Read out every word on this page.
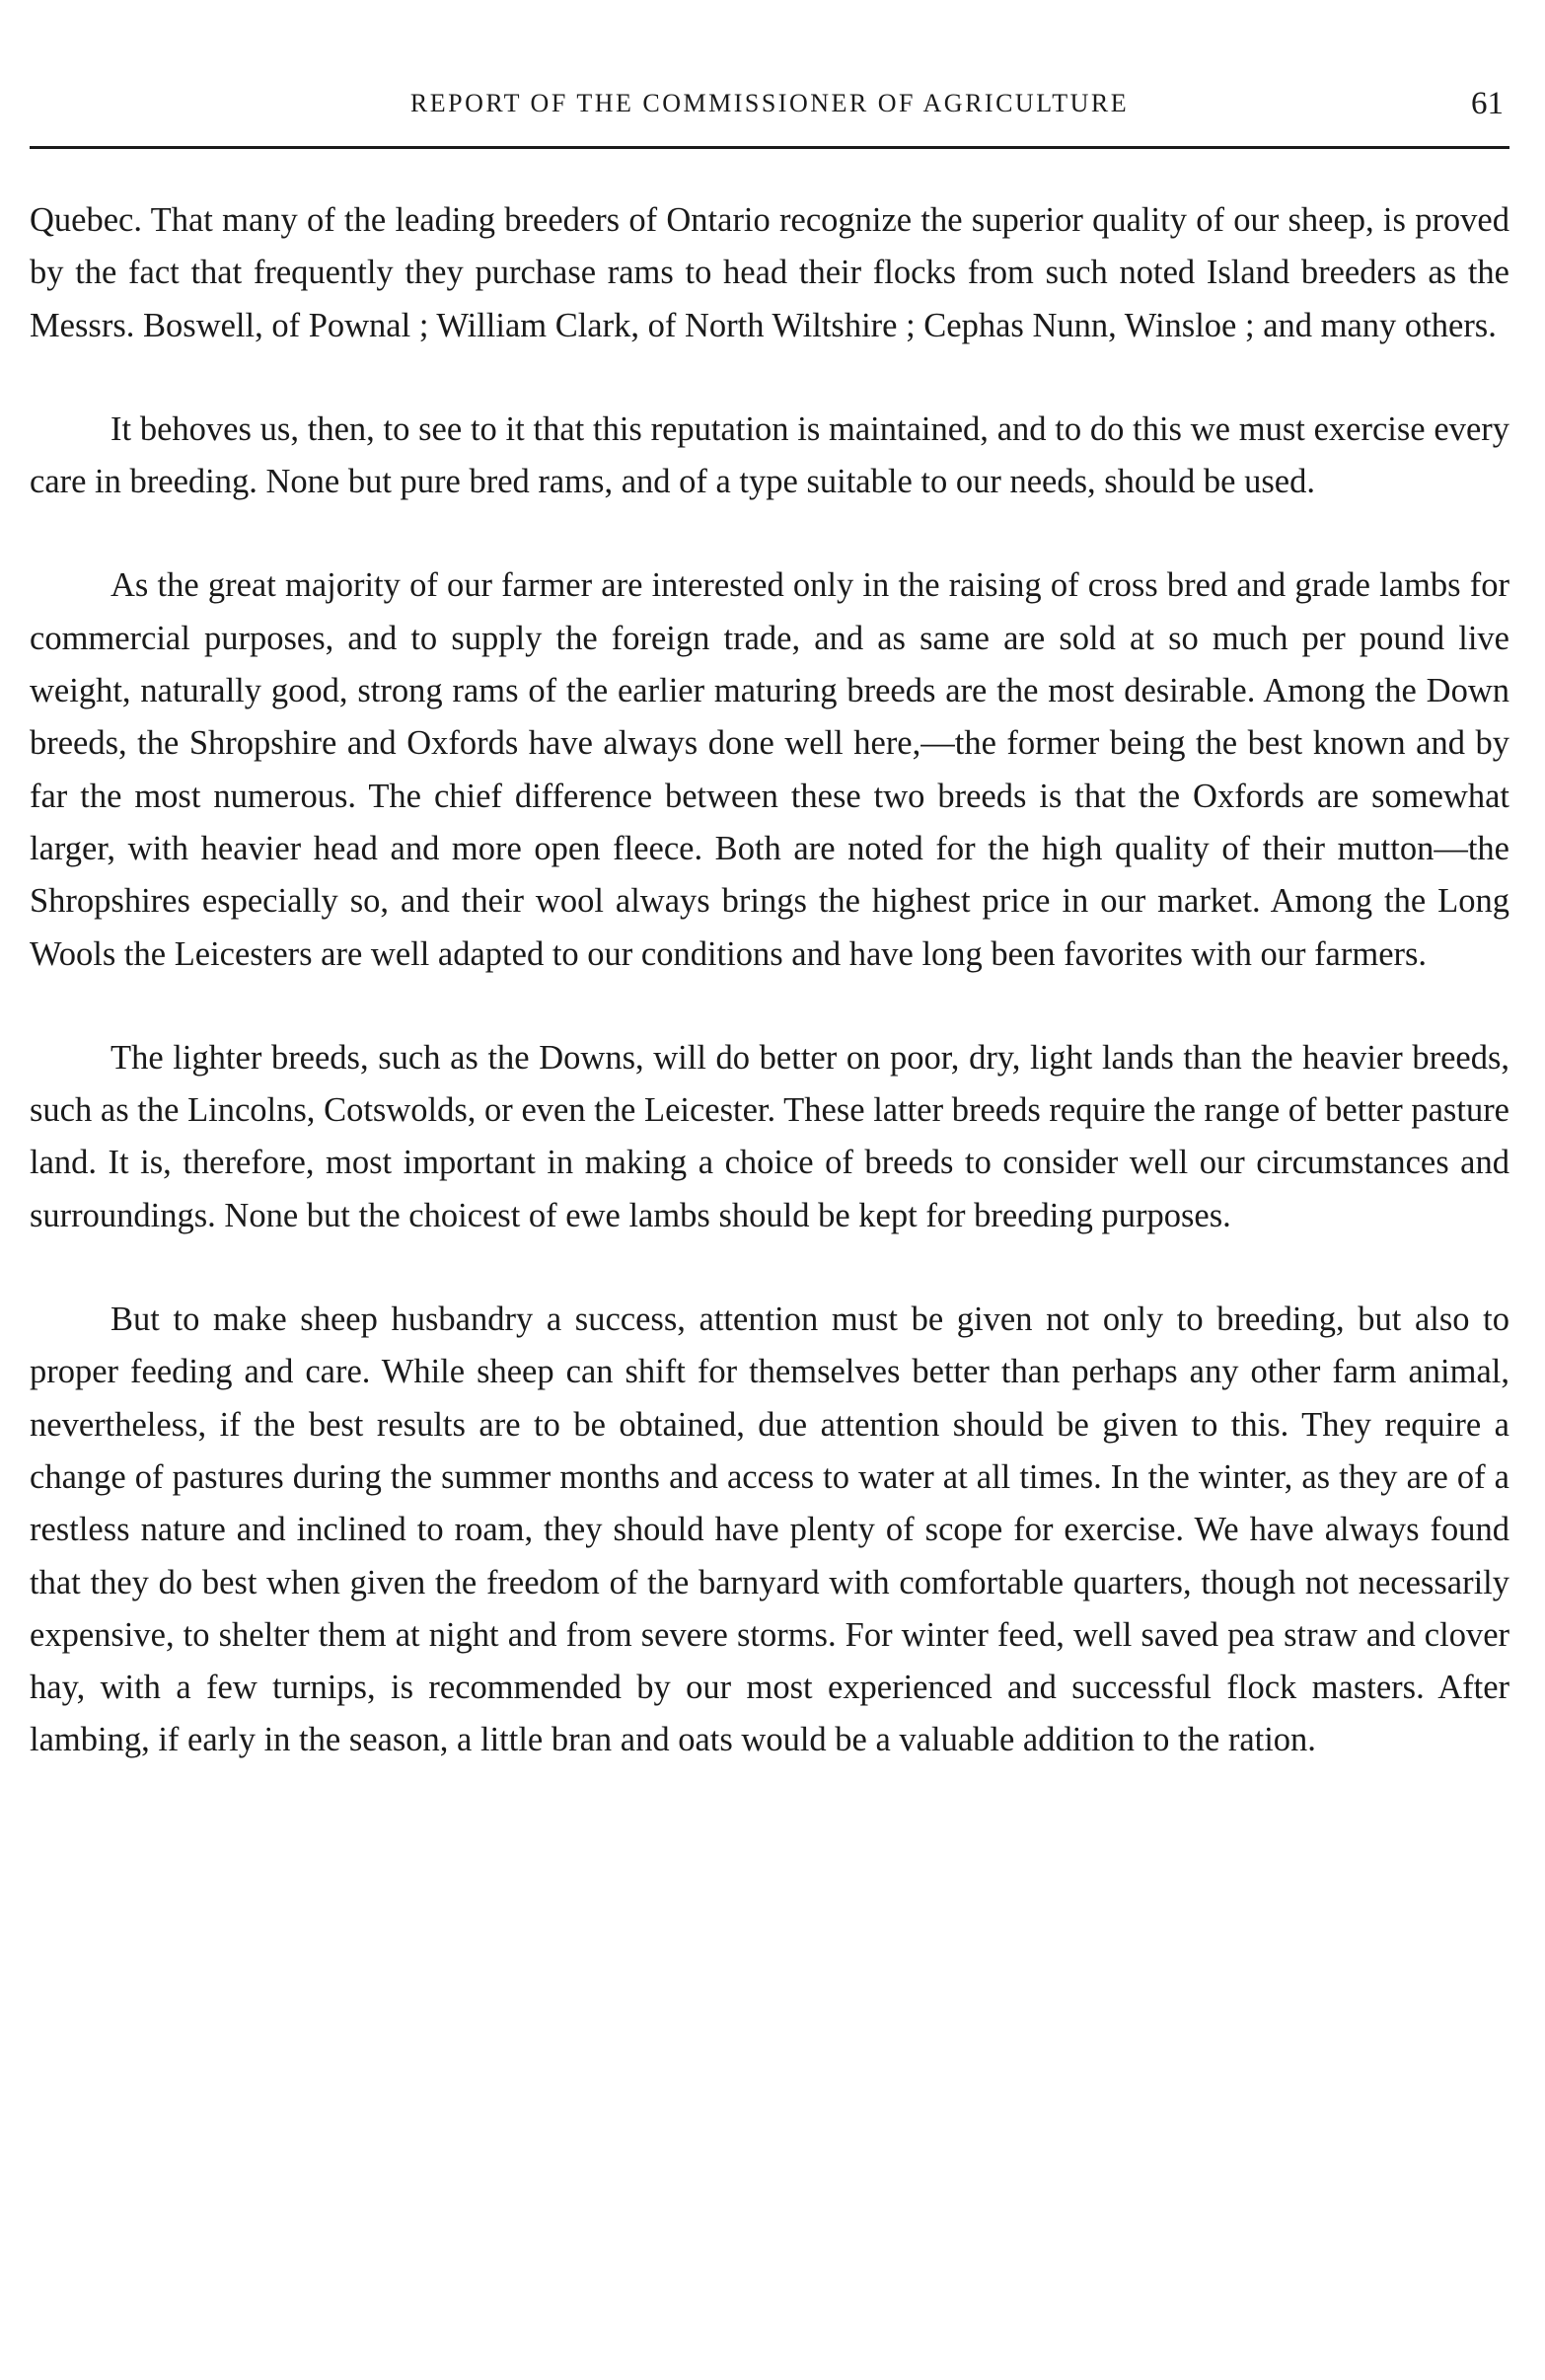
REPORT OF THE COMMISSIONER OF AGRICULTURE	61

Quebec. That many of the leading breeders of Ontario recognize the superior quality of our sheep, is proved by the fact that frequently they purchase rams to head their flocks from such noted Island breeders as the Messrs. Boswell, of Pownal ; William Clark, of North Wiltshire ; Cephas Nunn, Winsloe ; and many others.

It behoves us, then, to see to it that this reputation is maintained, and to do this we must exercise every care in breeding. None but pure bred rams, and of a type suitable to our needs, should be used.

As the great majority of our farmer are interested only in the raising of cross bred and grade lambs for commercial purposes, and to supply the foreign trade, and as same are sold at so much per pound live weight, naturally good, strong rams of the earlier maturing breeds are the most desirable. Among the Down breeds, the Shropshire and Oxfords have always done well here,—the former being the best known and by far the most numerous. The chief difference between these two breeds is that the Oxfords are somewhat larger, with heavier head and more open fleece. Both are noted for the high quality of their mutton—the Shropshires especially so, and their wool always brings the highest price in our market. Among the Long Wools the Leicesters are well adapted to our conditions and have long been favorites with our farmers.

The lighter breeds, such as the Downs, will do better on poor, dry, light lands than the heavier breeds, such as the Lincolns, Cotswolds, or even the Leicester. These latter breeds require the range of better pasture land. It is, therefore, most important in making a choice of breeds to consider well our circumstances and surroundings. None but the choicest of ewe lambs should be kept for breeding purposes.

But to make sheep husbandry a success, attention must be given not only to breeding, but also to proper feeding and care. While sheep can shift for themselves better than perhaps any other farm animal, nevertheless, if the best results are to be obtained, due attention should be given to this. They require a change of pastures during the summer months and access to water at all times. In the winter, as they are of a restless nature and inclined to roam, they should have plenty of scope for exercise. We have always found that they do best when given the freedom of the barnyard with comfortable quarters, though not necessarily expensive, to shelter them at night and from severe storms. For winter feed, well saved pea straw and clover hay, with a few turnips, is recommended by our most experienced and successful flock masters. After lambing, if early in the season, a little bran and oats would be a valuable addition to the ration.
